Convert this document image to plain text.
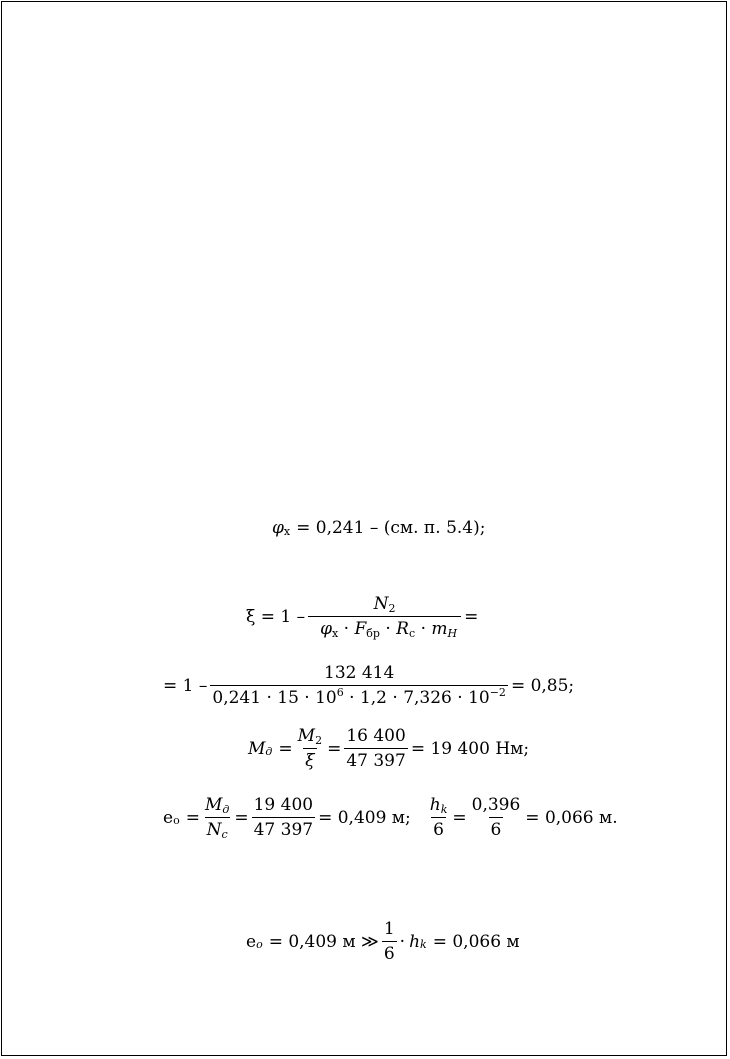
$\varphi_х = 0,241 - (см$. п. 5.4);
$\xi = 1 - \frac{N_2}{\varphi_х \cdot F_{бр} \cdot R_с \cdot m_Н}$ =
= $1 - \frac{132 414}{0,241 \cdot 15 \cdot 10^6 \cdot 1,2 \cdot 7,326 \cdot 10^{-2}} = 0,85$;
$M_д = \frac{M_2}{\xi} = \frac{16 400}{47 397} = 19$ 400 Нм;
$e_o = \frac{M_д}{N_c} = \frac{19 400}{47 397} = 0,409$ м; $\frac{h_k}{6} = \frac{0,396}{6} = 0,066$ м.
$e_o = 0,409$ м ≫ $\frac{1}{6} \cdot h_k = 0,066$ м
